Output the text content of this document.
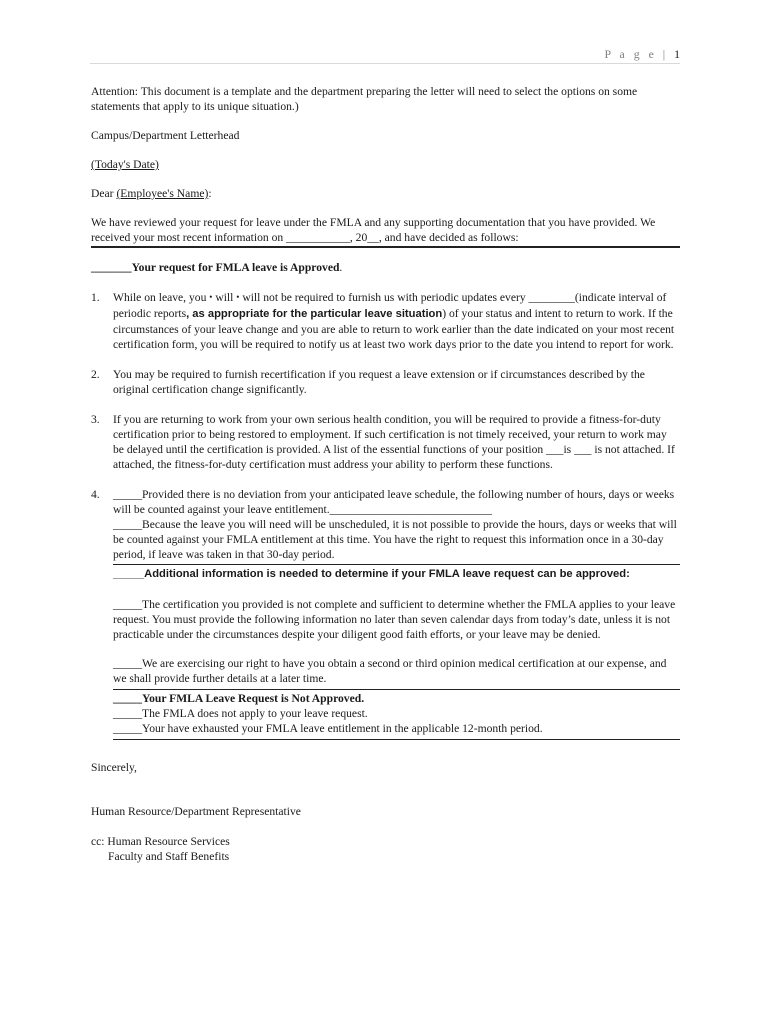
P a g e | 1

Attention: This document is a template and the department preparing the letter will need to select the options on some statements that apply to its unique situation.)

Campus/Department Letterhead

(Today's Date)

Dear (Employee's Name):

We have reviewed your request for leave under the FMLA and any supporting documentation that you have provided. We received your most recent information on ___________, 20__, and have decided as follows:

_______Your request for FMLA leave is Approved.

1. While on leave, you • will • will not be required to furnish us with periodic updates every ________(indicate interval of periodic reports, as appropriate for the particular leave situation) of your status and intent to return to work. If the circumstances of your leave change and you are able to return to work earlier than the date indicated on your most recent certification form, you will be required to notify us at least two work days prior to the date you intend to report for work.
2. You may be required to furnish recertification if you request a leave extension or if circumstances described by the original certification change significantly.
3. If you are returning to work from your own serious health condition, you will be required to provide a fitness-for-duty certification prior to being restored to employment. If such certification is not timely received, your return to work may be delayed until the certification is provided. A list of the essential functions of your position ___is ___ is not attached. If attached, the fitness-for-duty certification must address your ability to perform these functions.
4. _____Provided there is no deviation from your anticipated leave schedule, the following number of hours, days or weeks will be counted against your leave entitlement.____________________________
_____Because the leave you will need will be unscheduled, it is not possible to provide the hours, days or weeks that will be counted against your FMLA entitlement at this time. You have the right to request this information once in a 30-day period, if leave was taken in that 30-day period.

_____Additional information is needed to determine if your FMLA leave request can be approved:

_____The certification you provided is not complete and sufficient to determine whether the FMLA applies to your leave request. You must provide the following information no later than seven calendar days from today’s date, unless it is not practicable under the circumstances despite your diligent good faith efforts, or your leave may be denied.

_____We are exercising our right to have you obtain a second or third opinion medical certification at our expense, and we shall provide further details at a later time.

_____Your FMLA Leave Request is Not Approved.

_____The FMLA does not apply to your leave request.

_____Your have exhausted your FMLA leave entitlement in the applicable 12-month period.

Sincerely,

Human Resource/Department Representative

cc: Human Resource Services

Faculty and Staff Benefits
